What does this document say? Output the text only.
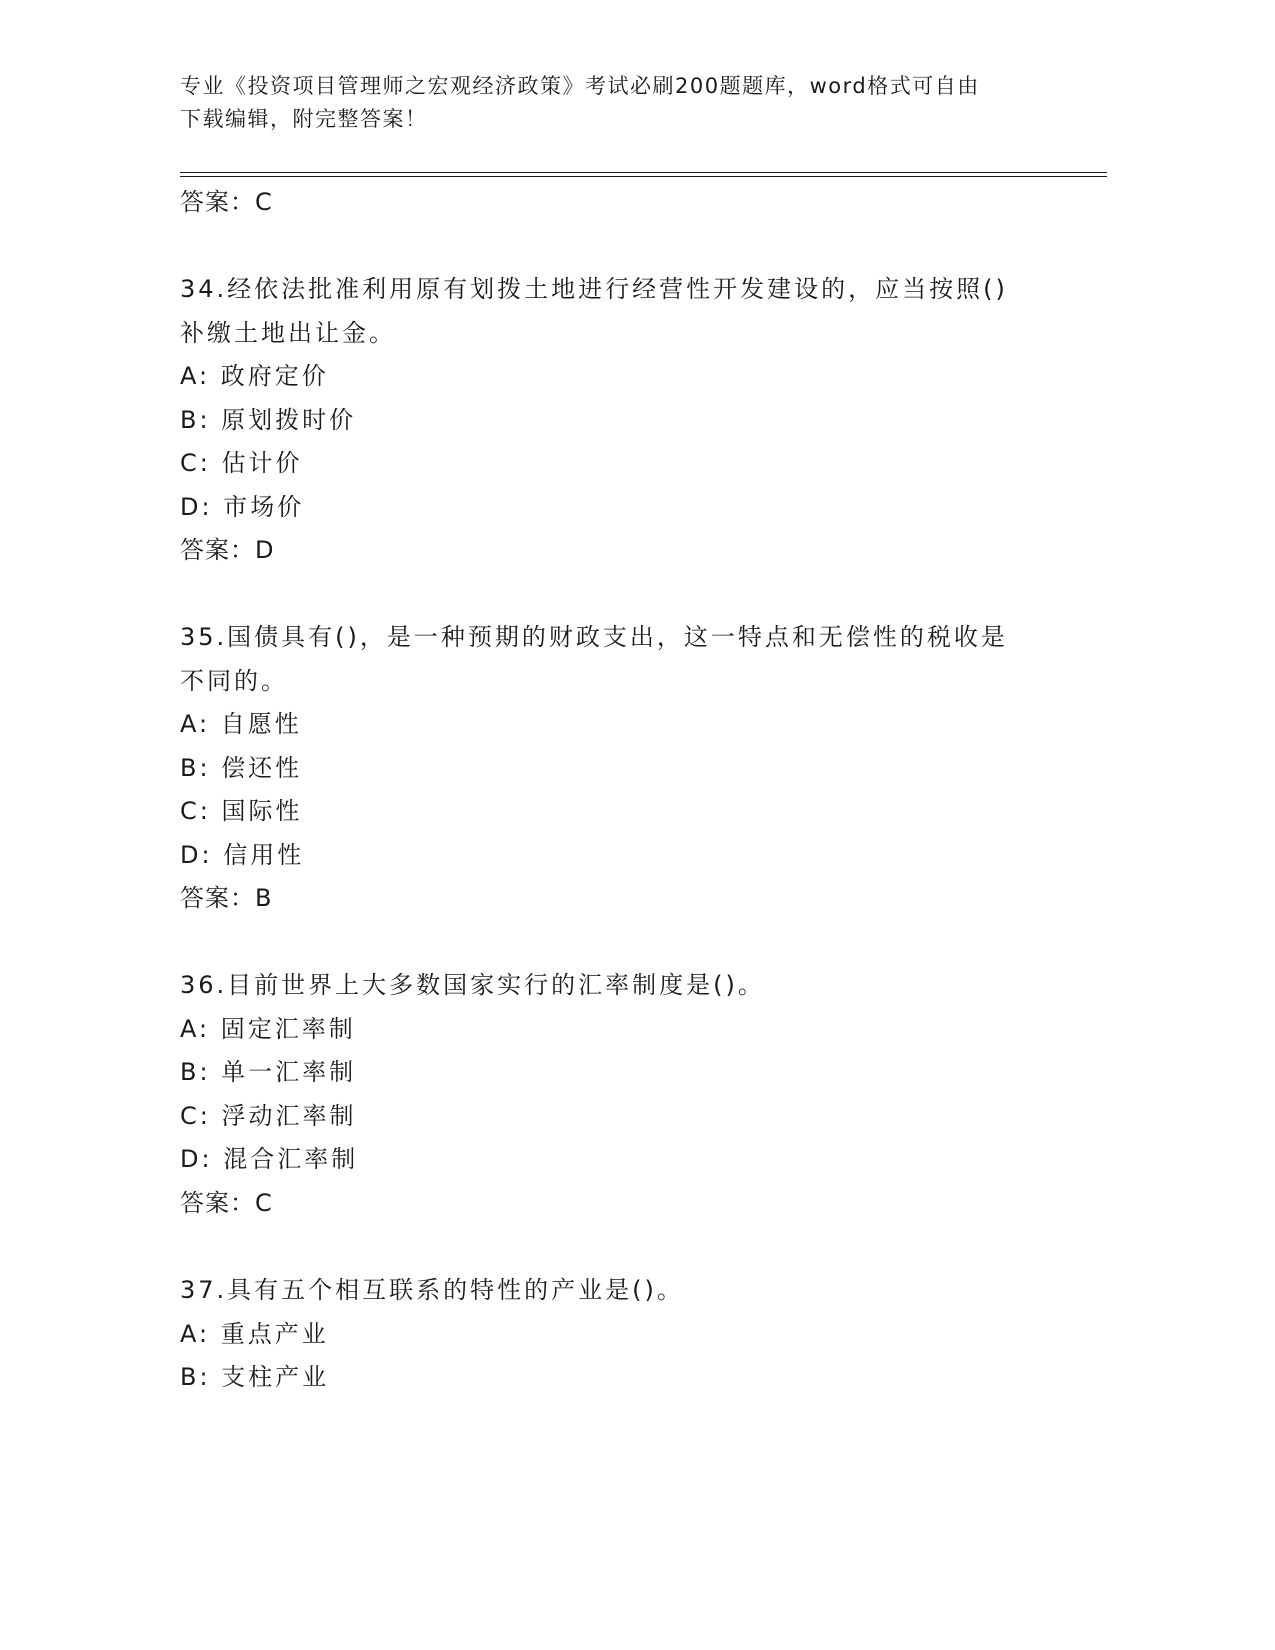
专业《投资项目管理师之宏观经济政策》考试必刷200题题库，word格式可自由
下载编辑，附完整答案！
答案：C
34.经依法批准利用原有划拨土地进行经营性开发建设的，应当按照()
补缴土地出让金。
A: 政府定价
B: 原划拨时价
C: 估计价
D: 市场价
答案：D
35.国债具有()，是一种预期的财政支出，这一特点和无偿性的税收是
不同的。
A: 自愿性
B: 偿还性
C: 国际性
D: 信用性
答案：B
36.目前世界上大多数国家实行的汇率制度是()。
A: 固定汇率制
B: 单一汇率制
C: 浮动汇率制
D: 混合汇率制
答案：C
37.具有五个相互联系的特性的产业是()。
A: 重点产业
B: 支柱产业
